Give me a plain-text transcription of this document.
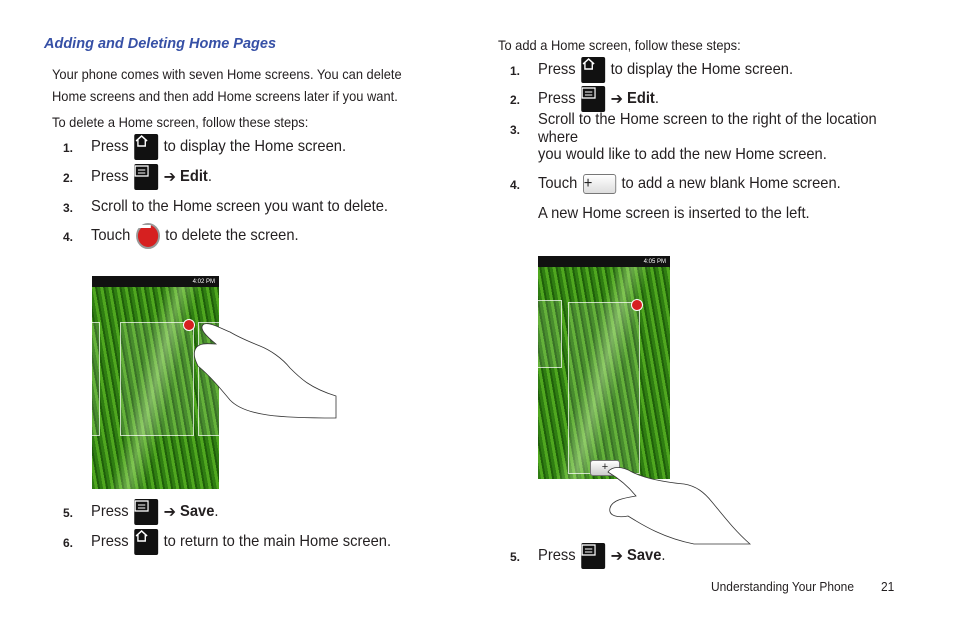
Adding and Deleting Home Pages
Your phone comes with seven Home screens. You can delete
Home screens and then add Home screens later if you want.
To delete a Home screen, follow these steps:
1. Press to display the Home screen.
2. Press ➔
Edit .
3. Scroll to the Home screen you want to delete.
4. Touch to delete the screen.
4:02 PM
5. Press ➔
Save .
6. Press to return to the main Home screen.
To add a Home screen, follow these steps:
1. Press to display the Home screen.
2. Press ➔
Edit .
3.
Scroll to the Home screen to the right of the location where
you would like to add the new Home screen.
4. Touch +	to add a new blank Home screen.
A new Home screen is inserted to the left.
4:05 PM
+
5. Press ➔
Save .
Understanding Your Phone 21
